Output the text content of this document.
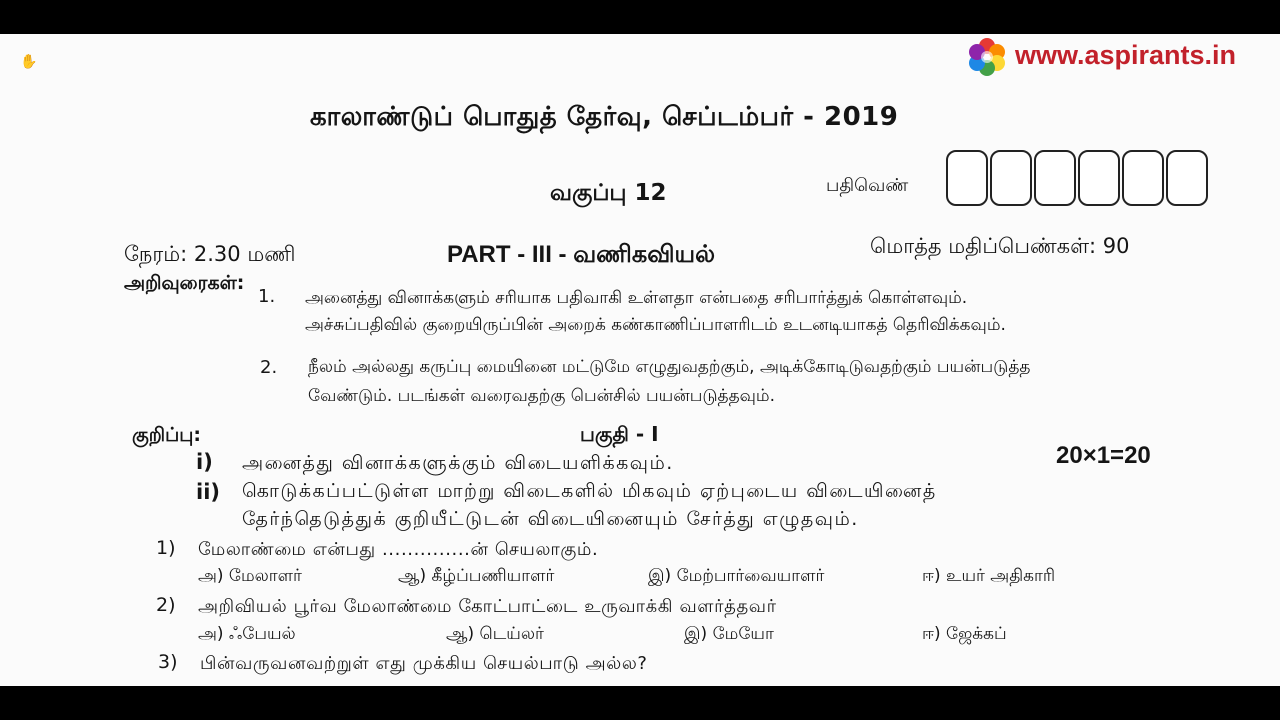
✋	www.aspirants.in
காலாண்டுப் பொதுத் தேர்வு, செப்டம்பர் - 2019
வகுப்பு 12	பதிவெண்
நேரம்: 2.30 மணி	PART - III - வணிகவியல்	மொத்த மதிப்பெண்கள்: 90
அறிவுரைகள்:
1. அனைத்து வினாக்களும் சரியாக பதிவாகி உள்ளதா என்பதை சரிபார்த்துக் கொள்ளவும்.
அச்சுப்பதிவில் குறையிருப்பின் அறைக் கண்காணிப்பாளரிடம் உடனடியாகத் தெரிவிக்கவும்.
2. நீலம் அல்லது கருப்பு மையினை மட்டுமே எழுதுவதற்கும், அடிக்கோடிடுவதற்கும் பயன்படுத்த
வேண்டும். படங்கள் வரைவதற்கு பென்சில் பயன்படுத்தவும்.
குறிப்பு:	பகுதி - I
20×1=20
i) அனைத்து வினாக்களுக்கும் விடையளிக்கவும்.
ii) கொடுக்கப்பட்டுள்ள மாற்று விடைகளில் மிகவும் ஏற்புடைய விடையினைத்
தேர்ந்தெடுத்துக் குறியீட்டுடன் விடையினையும் சேர்த்து எழுதவும்.
1) மேலாண்மை என்பது ..............ன் செயலாகும்.
அ) மேலாளர்	ஆ) கீழ்ப்பணியாளர்	இ) மேற்பார்வையாளர்	ஈ) உயர் அதிகாரி
2) அறிவியல் பூர்வ மேலாண்மை கோட்பாட்டை உருவாக்கி வளர்த்தவர்
அ) ஃபேயல்	ஆ) டெய்லர்	இ) மேயோ	ஈ) ஜேக்கப்
3) பின்வருவனவற்றுள் எது முக்கிய செயல்பாடு அல்ல?
